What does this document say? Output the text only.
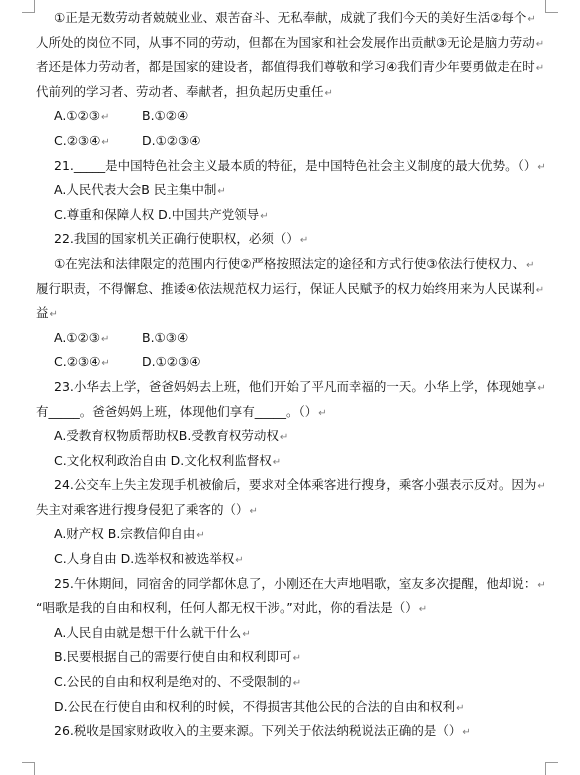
①正是无数劳动者兢兢业业、艰苦奋斗、无私奉献，成就了我们今天的美好生活②每个↵
人所处的岗位不同，从事不同的劳动，但都在为国家和社会发展作出贡献③无论是脑力劳动↵
者还是体力劳动者，都是国家的建设者，都值得我们尊敬和学习④我们青少年要勇做走在时↵
代前列的学习者、劳动者、奉献者，担负起历史重任↵
A.①②③	B.①②④
↵
C.②③④	D.①②③④
↵
21._____是中国特色社会主义最本质的特征，是中国特色社会主义制度的最大优势。（）↵
A.人民代表大会B 民主集中制↵
C.尊重和保障人权 D.中国共产党领导↵
22.我国的国家机关正确行使职权，必须（）↵
①在宪法和法律限定的范围内行使②严格按照法定的途径和方式行使③依法行使权力、↵
履行职责，不得懈怠、推诿④依法规范权力运行，保证人民赋予的权力始终用来为人民谋利↵
益↵
A.①②③	B.①③④
↵
C.②③④	D.①②③④
↵
23.小华去上学，爸爸妈妈去上班，他们开始了平凡而幸福的一天。小华上学，体现她享↵
有_____。爸爸妈妈上班，体现他们享有_____。（）↵
A.受教育权物质帮助权B.受教育权劳动权↵
C.文化权利政治自由 D.文化权利监督权↵
24.公交车上失主发现手机被偷后，要求对全体乘客进行搜身，乘客小强表示反对。因为↵
失主对乘客进行搜身侵犯了乘客的（）↵
A.财产权 B.宗教信仰自由↵
C.人身自由 D.选举权和被选举权↵
25.午休期间，同宿舍的同学都休息了，小刚还在大声地唱歌，室友多次提醒，他却说：↵
“唱歌是我的自由和权利，任何人都无权干涉。”对此，你的看法是（）↵
A.人民自由就是想干什么就干什么↵
B.民要根据自己的需要行使自由和权利即可↵
C.公民的自由和权利是绝对的、不受限制的↵
D.公民在行使自由和权利的时候，不得损害其他公民的合法的自由和权利↵
26.税收是国家财政收入的主要来源。下列关于依法纳税说法正确的是（）↵
